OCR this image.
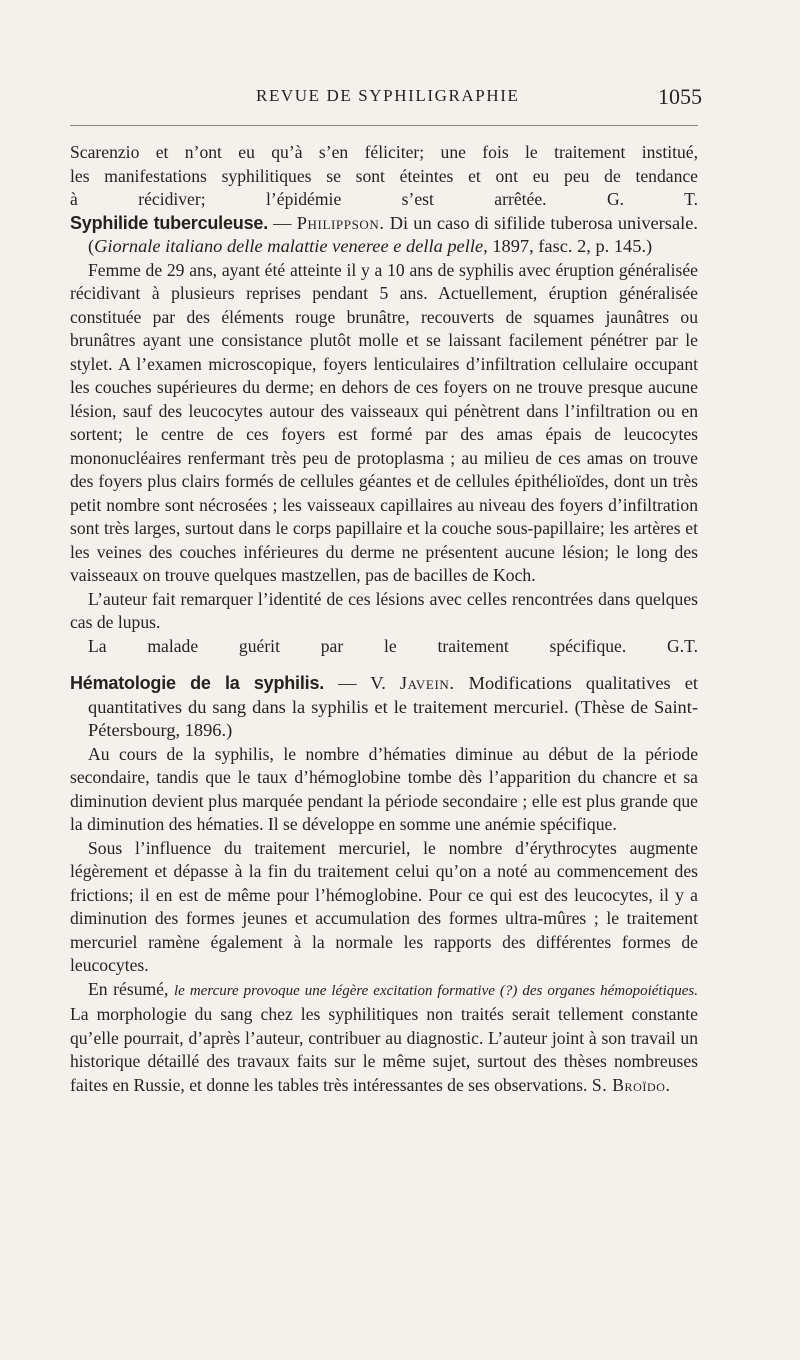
REVUE DE SYPHILIGRAPHIE	1055

Scarenzio et n’ont eu qu’à s’en féliciter; une fois le traitement institué,

les manifestations syphilitiques se sont éteintes et ont eu peu de tendance

à récidiver; l’épidémie s’est arrêtée.	G. T.

Syphilide tuberculeuse. — Philippson. Di un caso di sifilide tuberosa universale. (Giornale italiano delle malattie veneree e della pelle, 1897, fasc. 2, p. 145.)

Femme de 29 ans, ayant été atteinte il y a 10 ans de syphilis avec éruption généralisée récidivant à plusieurs reprises pendant 5 ans. Actuellement, éruption généralisée constituée par des éléments rouge brunâtre, recouverts de squames jaunâtres ou brunâtres ayant une consistance plutôt molle et se laissant facilement pénétrer par le stylet. A l’examen microscopique, foyers lenticulaires d’infiltration cellulaire occupant les couches supérieures du derme; en dehors de ces foyers on ne trouve presque aucune lésion, sauf des leucocytes autour des vaisseaux qui pénètrent dans l’infiltration ou en sortent; le centre de ces foyers est formé par des amas épais de leucocytes mononucléaires renfermant très peu de protoplasma ; au milieu de ces amas on trouve des foyers plus clairs formés de cellules géantes et de cellules épithélioïdes, dont un très petit nombre sont nécrosées ; les vaisseaux capillaires au niveau des foyers d’infiltration sont très larges, surtout dans le corps papillaire et la couche sous-papillaire; les artères et les veines des couches inférieures du derme ne présentent aucune lésion; le long des vaisseaux on trouve quelques mastzellen, pas de bacilles de Koch.

L’auteur fait remarquer l’identité de ces lésions avec celles rencontrées dans quelques cas de lupus.

La malade guérit par le traitement spécifique. G.T.

Hématologie de la syphilis. — V. Javein. Modifications qualitatives et quantitatives du sang dans la syphilis et le traitement mercuriel. (Thèse de Saint-Pétersbourg, 1896.)

Au cours de la syphilis, le nombre d’hématies diminue au début de la période secondaire, tandis que le taux d’hémoglobine tombe dès l’apparition du chancre et sa diminution devient plus marquée pendant la période secondaire ; elle est plus grande que la diminution des hématies. Il se développe en somme une anémie spécifique.

Sous l’influence du traitement mercuriel, le nombre d’érythrocytes augmente légèrement et dépasse à la fin du traitement celui qu’on a noté au commencement des frictions; il en est de même pour l’hémoglobine. Pour ce qui est des leucocytes, il y a diminution des formes jeunes et accumulation des formes ultra-mûres ; le traitement mercuriel ramène également à la normale les rapports des différentes formes de leucocytes.

En résumé, le mercure provoque une légère excitation formative (?) des organes hémopoiétiques. La morphologie du sang chez les syphilitiques non traités serait tellement constante qu’elle pourrait, d’après l’auteur, contribuer au diagnostic. L’auteur joint à son travail un historique détaillé des travaux faits sur le même sujet, surtout des thèses nombreuses faites en Russie, et donne les tables très intéressantes de ses observations. S. Broïdo.
